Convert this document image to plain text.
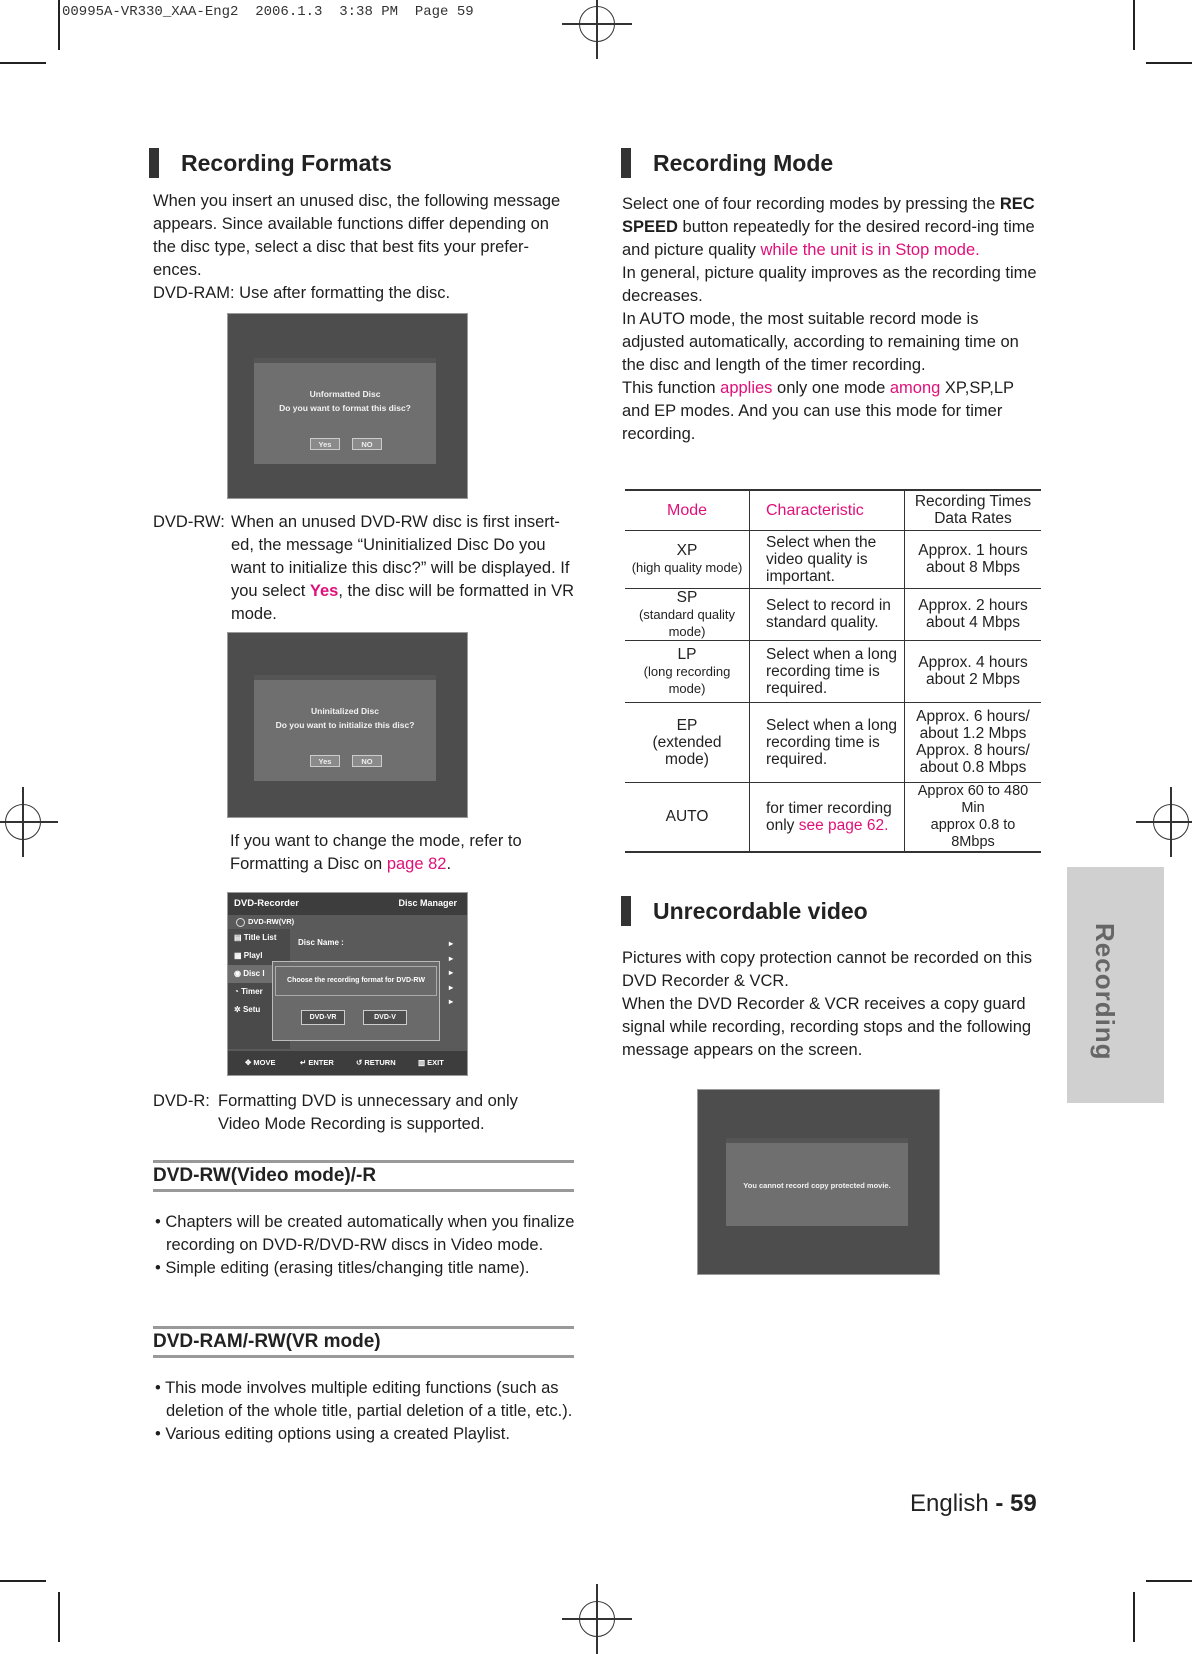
00995A-VR330_XAA-Eng2  2006.1.3  3:38 PM  Page 59
Recording Formats

When you insert an unused disc, the following message appears. Since available functions differ depending on the disc type, select a disc that best fits your prefer-ences.

DVD-RAM: Use after formatting the disc.

Unformatted Disc
Do you want to format this disc?
Yes	NO
DVD-RW: When an unused DVD-RW disc is first insert-ed, the message “Uninitialized Disc Do you want to initialize this disc?” will be displayed. If you select Yes, the disc will be formatted in VR mode.
Uninitalized Disc
Do you want to initialize this disc?
Yes	NO
If you want to change the mode, refer to Formatting a Disc on page 82.
DVD-Recorder	Disc Manager
DVD-RW(VR)
▤ Title List
▦ Playl
◉ Disc I
◔ Timer
✲ Setu
Disc Name :	▸
▸
▸
▸
▸
Choose the recording format for DVD-RW
DVD-VR	DVD-V
✥ MOVE	↵ ENTER	↺ RETURN	▥ EXIT
DVD-R: Formatting DVD is unnecessary and only Video Mode Recording is supported.
DVD-RW(Video mode)/-R
• Chapters will be created automatically when you finalize recording on DVD-R/DVD-RW discs in Video mode.
• Simple editing (erasing titles/changing title name).
DVD-RAM/-RW(VR mode)
• This mode involves multiple editing functions (such as deletion of the whole title, partial deletion of a title, etc.).
• Various editing options using a created Playlist.
Recording Mode

Select one of four recording modes by pressing the REC SPEED button repeatedly for the desired record-ing time and picture quality while the unit is in Stop mode.

In general, picture quality improves as the recording time decreases.

In AUTO mode, the most suitable record mode is adjusted automatically, according to remaining time on the disc and length of the timer recording.

This function applies only one mode among XP,SP,LP and EP modes. And you can use this mode for timer recording.

Mode	Characteristic	Recording Times
Data Rates
XP
(high quality mode)	Select when the video quality is important.	Approx. 1 hours
about 8 Mbps
SP
(standard quality mode)	Select to record in standard quality.	Approx. 2 hours
about 4 Mbps
LP
(long recording mode)	Select when a long recording time is required.	Approx. 4 hours
about 2 Mbps
EP
(extended mode)	Select when a long recording time is required.	Approx. 6 hours/
about 1.2 Mbps
Approx. 8 hours/
about 0.8 Mbps
AUTO	for timer recording only see page 62.	Approx 60 to 480 Min
approx 0.8 to 8Mbps
Unrecordable video

Pictures with copy protection cannot be recorded on this DVD Recorder & VCR.

When the DVD Recorder & VCR receives a copy guard signal while recording, recording stops and the following message appears on the screen.

You cannot record copy protected movie.
Recording
English - 59
